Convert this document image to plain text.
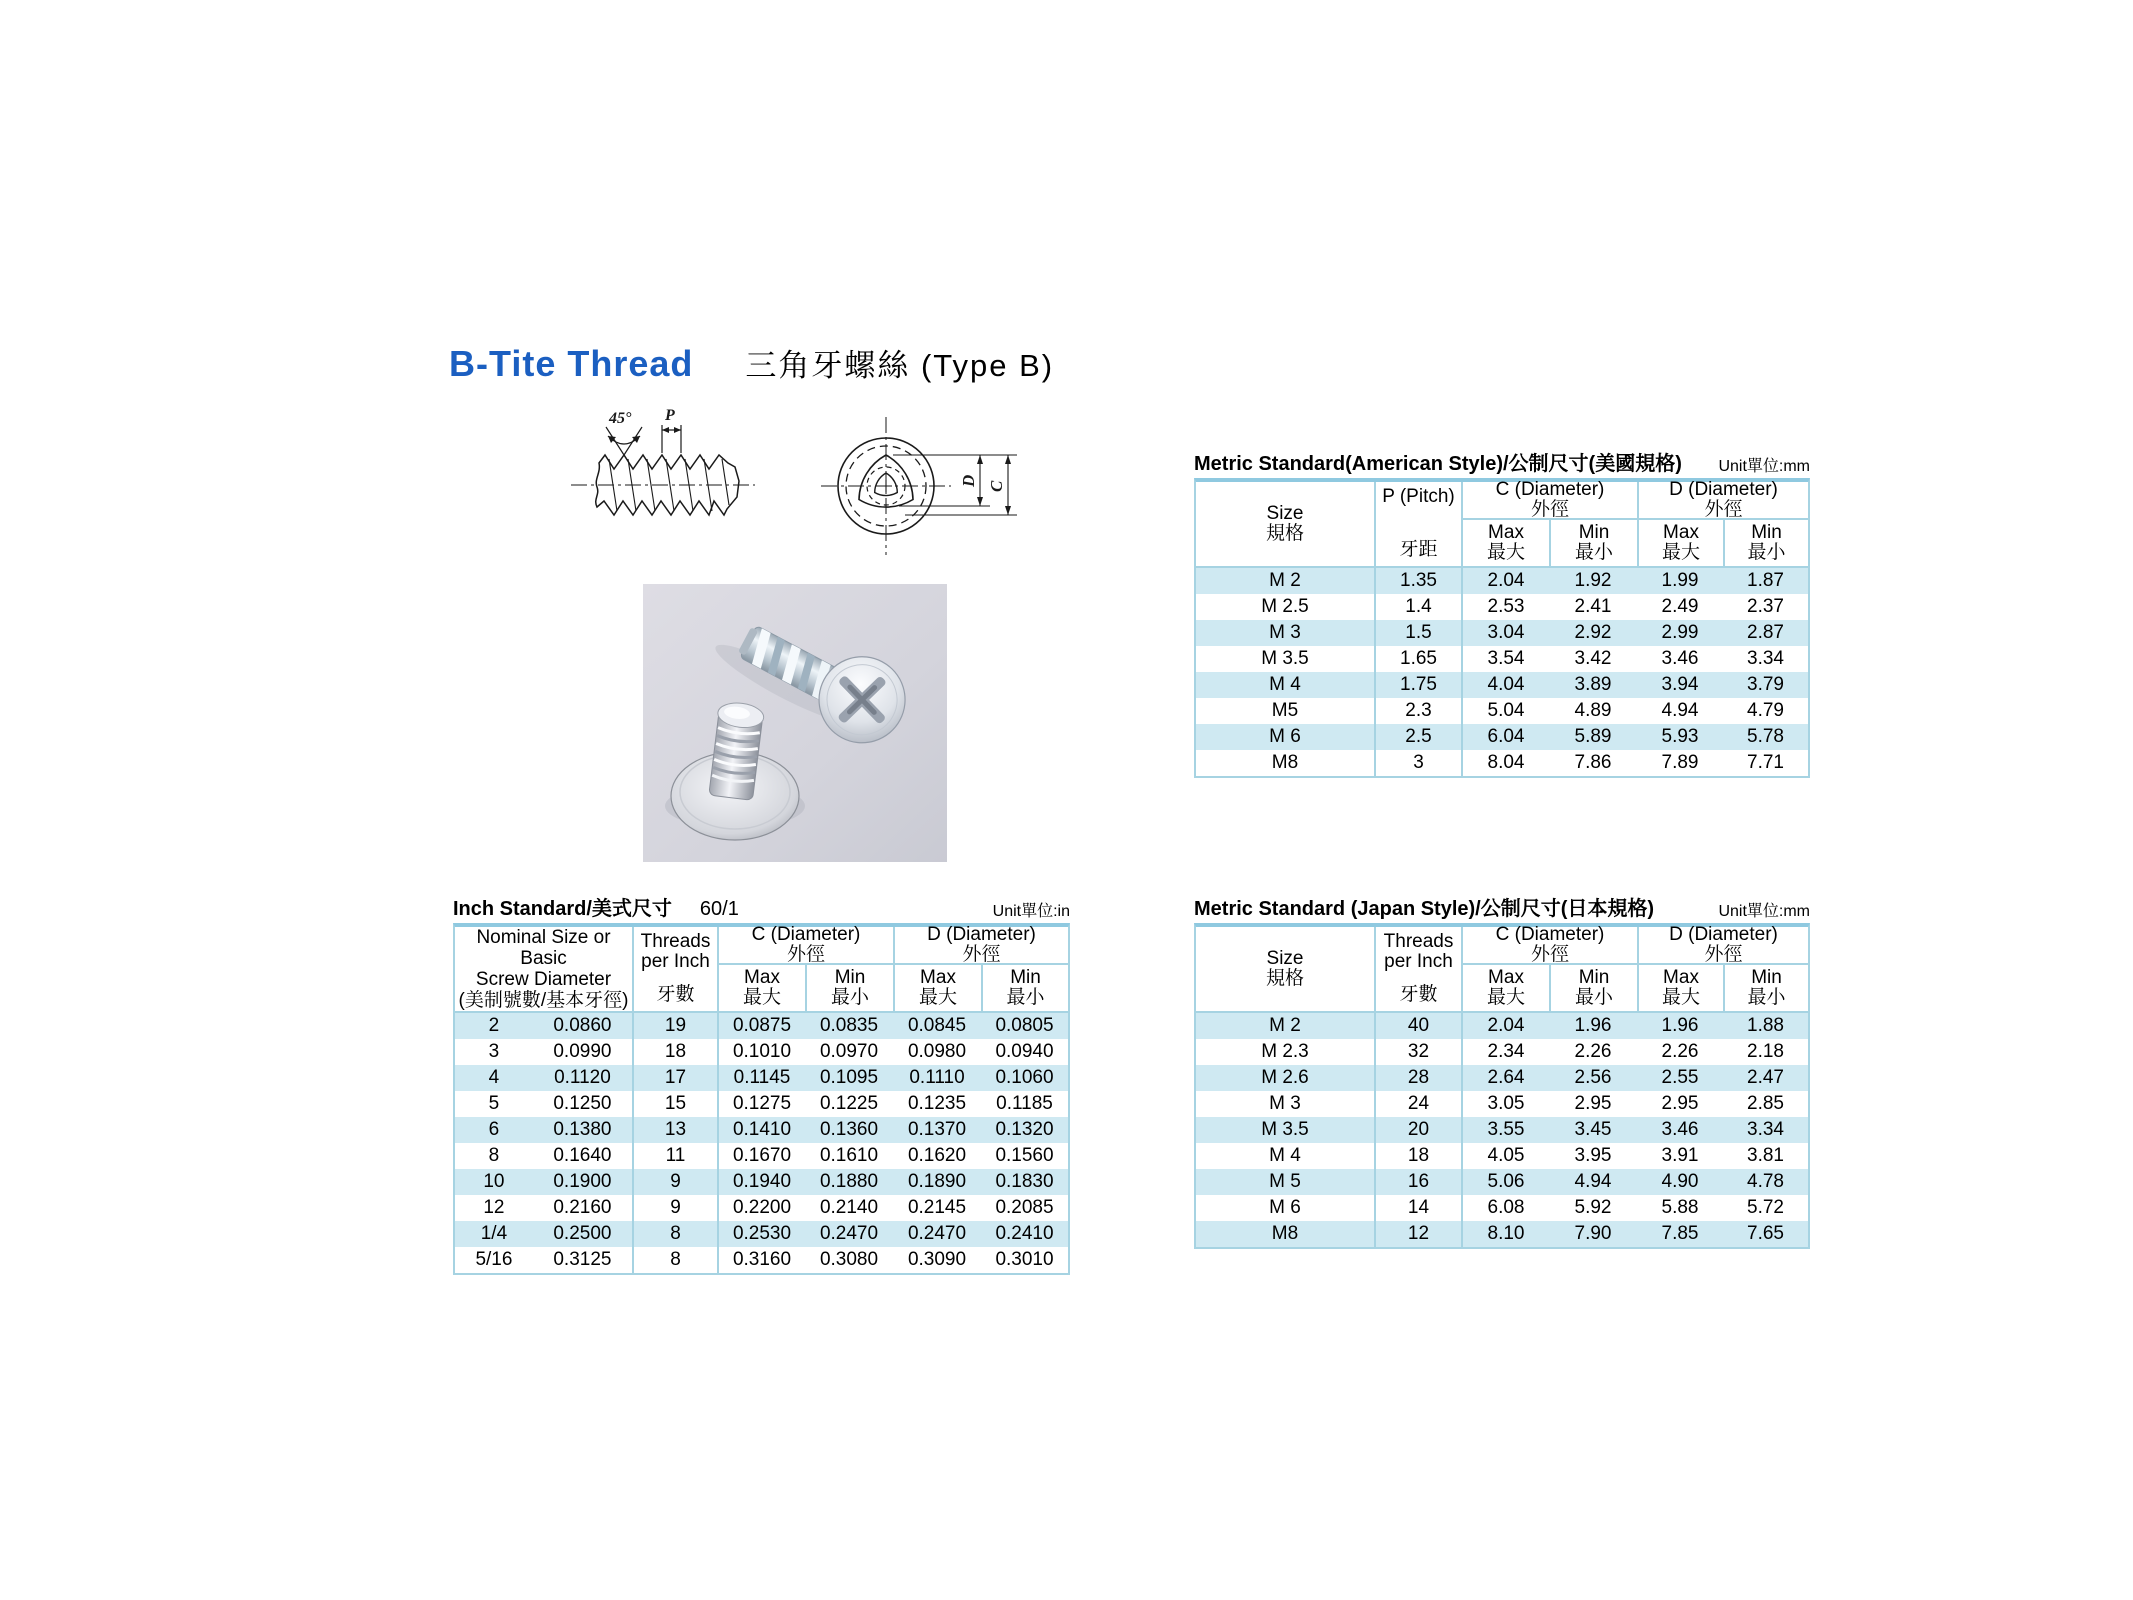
B-Tite Thread 三角牙螺絲 (Type B)
45° P
D C
Metric Standard(American Style)/公制尺寸(美國規格) Unit單位:mm
Size
規格
P (Pitch)
牙距
C (Diameter)
外徑
D (Diameter)
外徑
Max
最大
Min
最小
Max
最大
Min
最小
M 2	1.35	2.04	1.92	1.99	1.87
M 2.5	1.4	2.53	2.41	2.49	2.37
M 3	1.5	3.04	2.92	2.99	2.87
M 3.5	1.65	3.54	3.42	3.46	3.34
M 4	1.75	4.04	3.89	3.94	3.79
M5	2.3	5.04	4.89	4.94	4.79
M 6	2.5	6.04	5.89	5.93	5.78
M8	3	8.04	7.86	7.89	7.71
Inch Standard/美式尺寸 60/1	Unit單位:in
Nominal Size or Basic
Screw Diameter
(美制號數/基本牙徑)
Threads
per Inch
牙數
C (Diameter)
外徑
D (Diameter)
外徑
Max
最大
Min
最小
Max
最大
Min
最小
2	0.0860	19	0.0875	0.0835	0.0845	0.0805
3	0.0990	18	0.1010	0.0970	0.0980	0.0940
4	0.1120	17	0.1145	0.1095	0.1110	0.1060
5	0.1250	15	0.1275	0.1225	0.1235	0.1185
6	0.1380	13	0.1410	0.1360	0.1370	0.1320
8	0.1640	11	0.1670	0.1610	0.1620	0.1560
10	0.1900	9	0.1940	0.1880	0.1890	0.1830
12	0.2160	9	0.2200	0.2140	0.2145	0.2085
1/4	0.2500	8	0.2530	0.2470	0.2470	0.2410
5/16	0.3125	8	0.3160	0.3080	0.3090	0.3010
Metric Standard (Japan Style)/公制尺寸(日本規格)	Unit單位:mm
Size
規格
Threads
per Inch
牙數
C (Diameter)
外徑
D (Diameter)
外徑
Max
最大
Min
最小
Max
最大
Min
最小
M 2	40	2.04	1.96	1.96	1.88
M 2.3	32	2.34	2.26	2.26	2.18
M 2.6	28	2.64	2.56	2.55	2.47
M 3	24	3.05	2.95	2.95	2.85
M 3.5	20	3.55	3.45	3.46	3.34
M 4	18	4.05	3.95	3.91	3.81
M 5	16	5.06	4.94	4.90	4.78
M 6	14	6.08	5.92	5.88	5.72
M8	12	8.10	7.90	7.85	7.65
